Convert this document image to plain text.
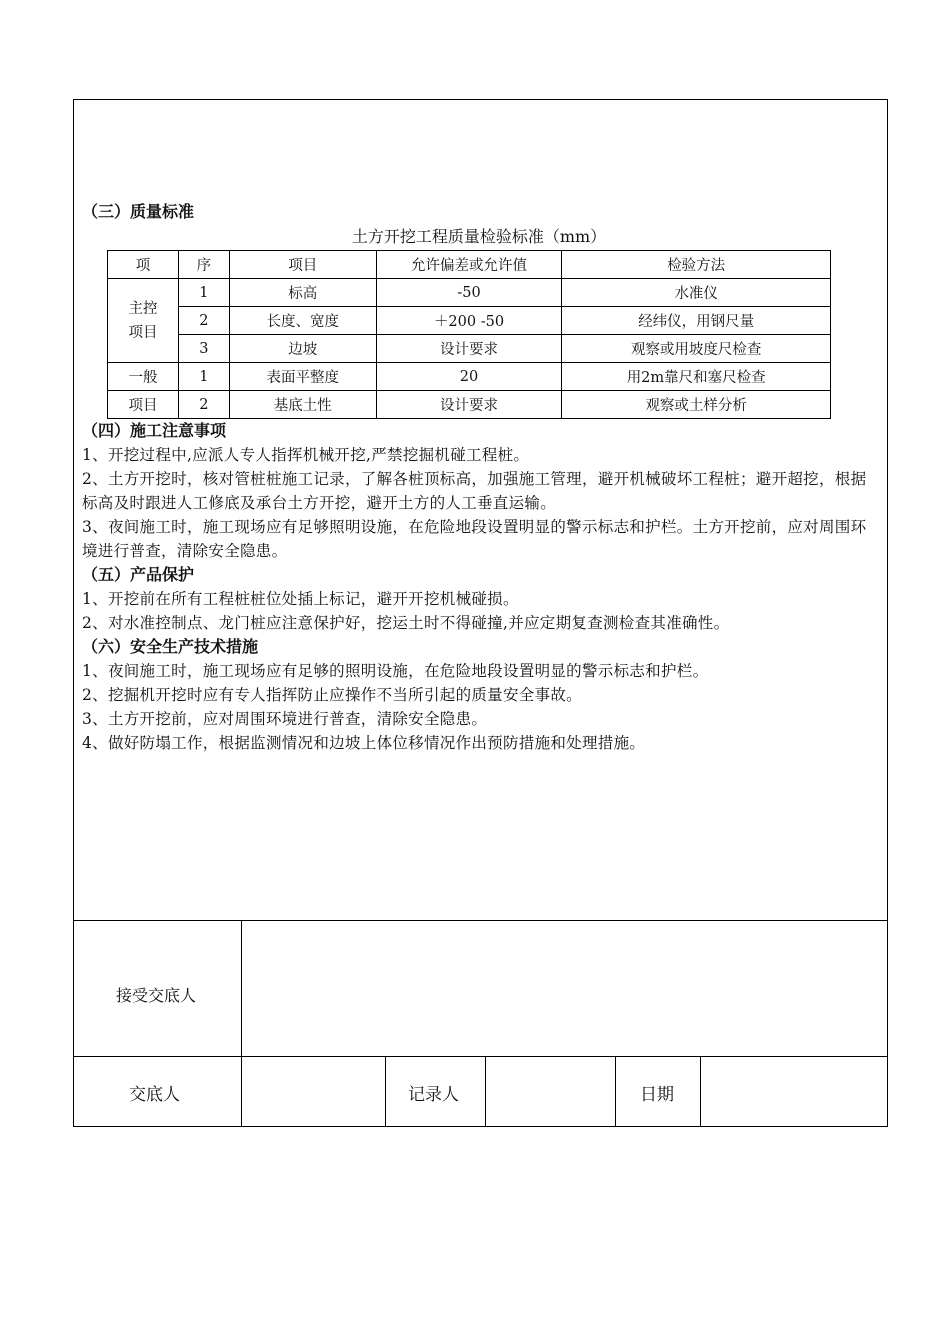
（三）质量标准
土方开挖工程质量检验标准（mm）
项	序	项目	允许偏差或允许值	检验方法
主控
项目	1	标高	-50	水准仪
	2	长度、宽度	＋200 -50	经纬仪，用钢尺量
	3	边坡	设计要求	观察或用坡度尺检查
一般	1	表面平整度	20	用2m靠尺和塞尺检查
项目	2	基底土性	设计要求	观察或土样分析
（四）施工注意事项
1、开挖过程中,应派人专人指挥机械开挖,严禁挖掘机碰工程桩。
2、土方开挖时，核对管桩桩施工记录，了解各桩顶标高，加强施工管理，避开机械破坏工程桩；避开超挖，根据标高及时跟进人工修底及承台土方开挖，避开土方的人工垂直运输。
3、夜间施工时，施工现场应有足够照明设施，在危险地段设置明显的警示标志和护栏。土方开挖前，应对周围环境进行普查，清除安全隐患。
（五）产品保护
1、开挖前在所有工程桩桩位处插上标记，避开开挖机械碰损。
2、对水准控制点、龙门桩应注意保护好，挖运土时不得碰撞,并应定期复查测检查其准确性。
（六）安全生产技术措施
1、夜间施工时，施工现场应有足够的照明设施，在危险地段设置明显的警示标志和护栏。
2、挖掘机开挖时应有专人指挥防止应操作不当所引起的质量安全事故。
3、土方开挖前，应对周围环境进行普查，清除安全隐患。
4、做好防塌工作，根据监测情况和边坡上体位移情况作出预防措施和处理措施。
接受交底人
交底人	记录人	日期
